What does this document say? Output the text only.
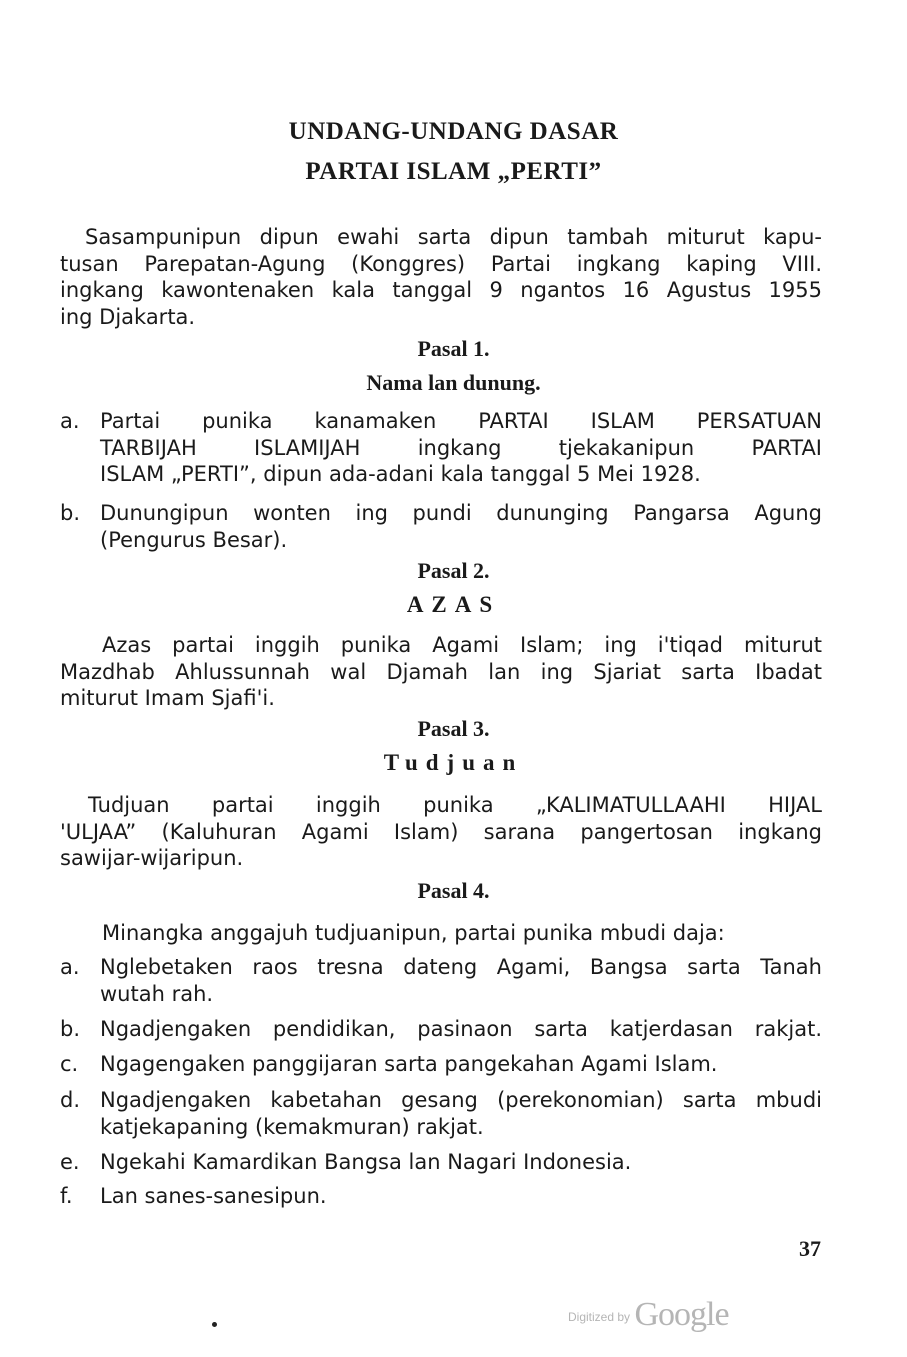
UNDANG-UNDANG DASAR
PARTAI ISLAM „PERTI”
Sasampunipun dipun ewahi sarta dipun tambah miturut kapu-
tusan Parepatan-Agung (Konggres) Partai ingkang kaping VIII.
ingkang kawontenaken kala tanggal 9 ngantos 16 Agustus 1955
ing Djakarta.
Pasal 1.
Nama lan dunung.
a. Partai punika kanamaken PARTAI ISLAM PERSATUAN
TARBIJAH ISLAMIJAH ingkang tjekakanipun PARTAI
ISLAM „PERTI”, dipun ada-adani kala tanggal 5 Mei 1928.
b. Dunungipun wonten ing pundi dununging Pangarsa Agung
(Pengurus Besar).
Pasal 2.
AZAS
Azas partai inggih punika Agami Islam; ing i'tiqad miturut
Mazdhab Ahlussunnah wal Djamah lan ing Sjariat sarta Ibadat
miturut Imam Sjafi'i.
Pasal 3.
Tudjuan
Tudjuan partai inggih punika „KALIMATULLAAHI HIJAL
'ULJAA” (Kaluhuran Agami Islam) sarana pangertosan ingkang
sawijar-wijaripun.
Pasal 4.
Minangka anggajuh tudjuanipun, partai punika mbudi daja:
a. Nglebetaken raos tresna dateng Agami, Bangsa sarta Tanah
wutah rah.
b. Ngadjengaken pendidikan, pasinaon sarta katjerdasan rakjat.
c. Ngagengaken panggijaran sarta pangekahan Agami Islam.
d. Ngadjengaken kabetahan gesang (perekonomian) sarta mbudi
katjekapaning (kemakmuran) rakjat.
e. Ngekahi Kamardikan Bangsa lan Nagari Indonesia.
f. Lan sanes-sanesipun.
37
$^{Digitized by}$ Google
